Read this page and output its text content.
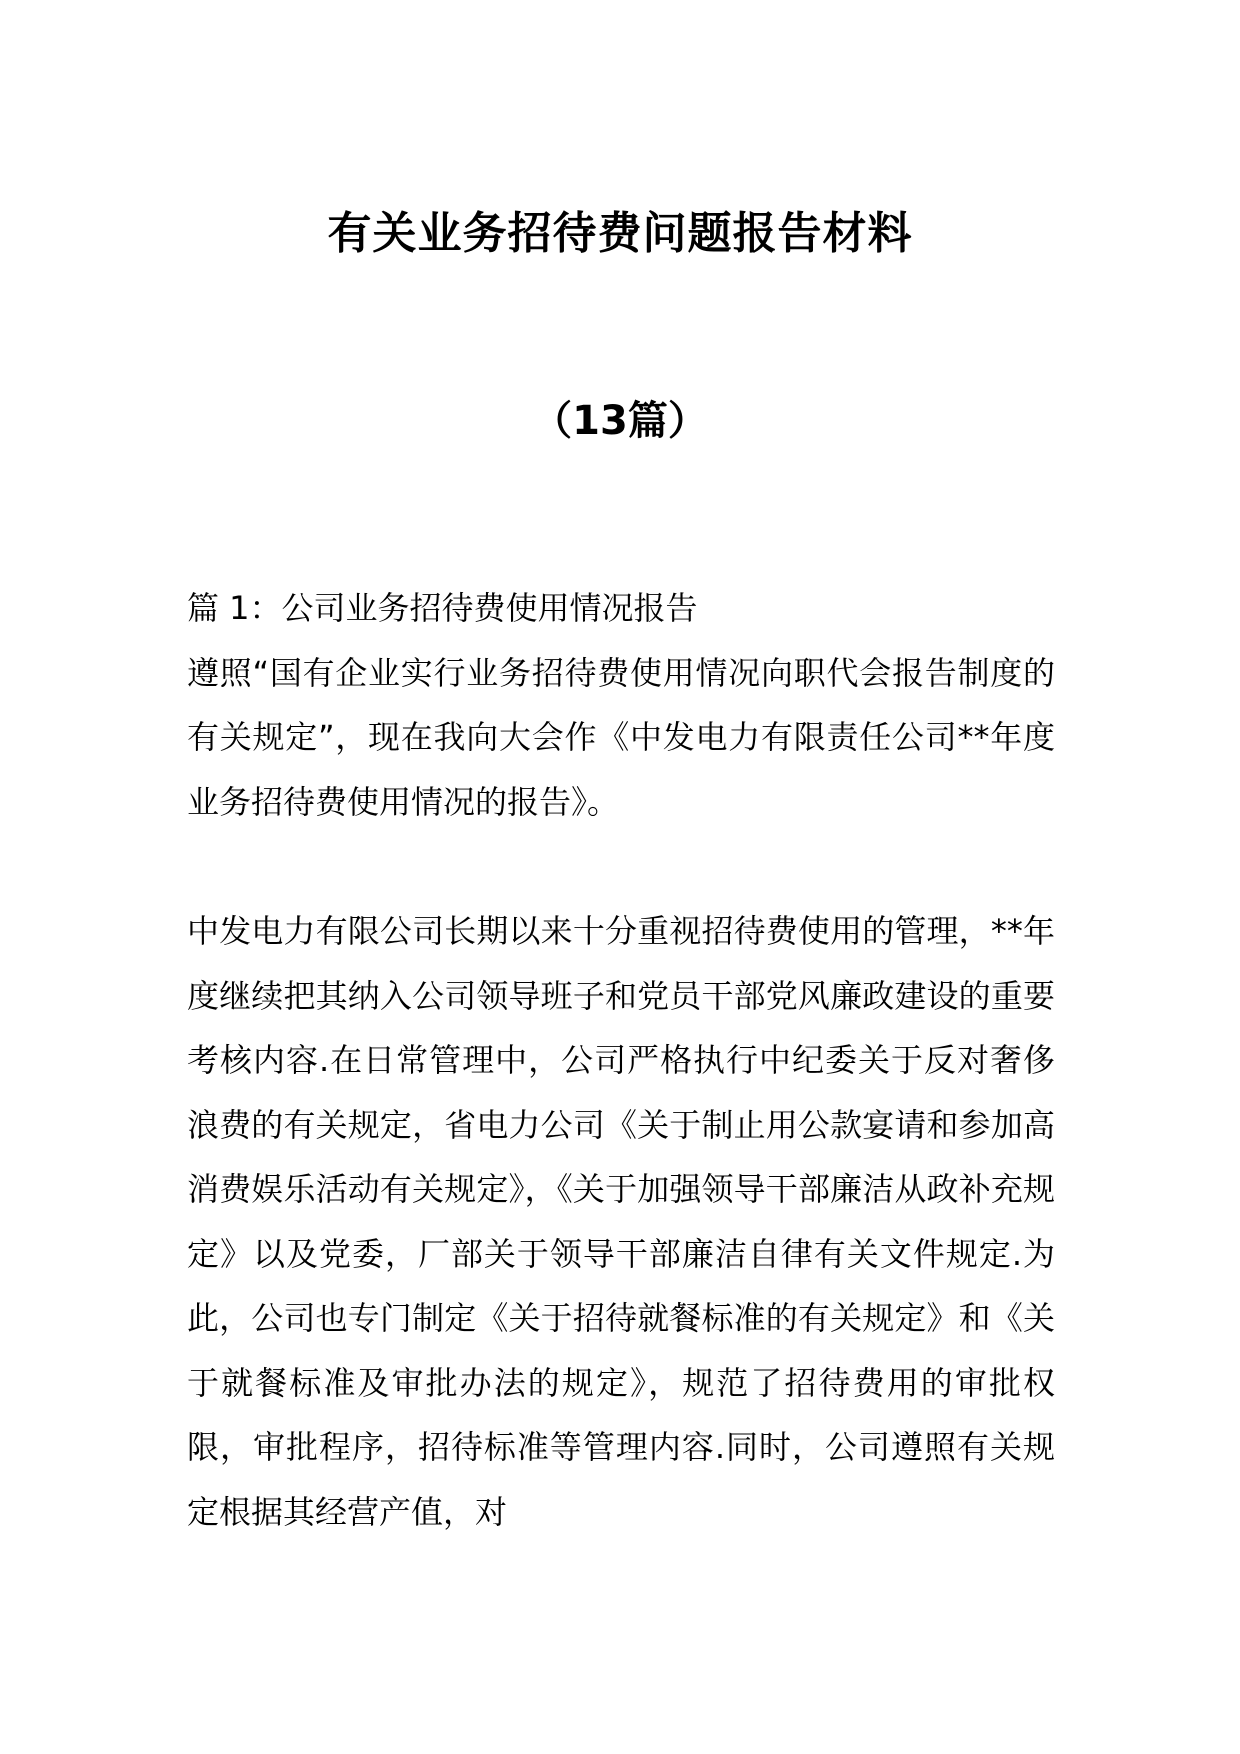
有关业务招待费问题报告材料
（13篇）
篇 1：公司业务招待费使用情况报告

遵照“国有企业实行业务招待费使用情况向职代会报告制度的有关规定”，现在我向大会作《中发电力有限责任公司**年度业务招待费使用情况的报告》。

中发电力有限公司长期以来十分重视招待费使用的管理，**年度继续把其纳入公司领导班子和党员干部党风廉政建设的重要考核内容.在日常管理中，公司严格执行中纪委关于反对奢侈浪费的有关规定，省电力公司《关于制止用公款宴请和参加高消费娱乐活动有关规定》，《关于加强领导干部廉洁从政补充规定》以及党委，厂部关于领导干部廉洁自律有关文件规定.为此，公司也专门制定《关于招待就餐标准的有关规定》和《关于就餐标准及审批办法的规定》，规范了招待费用的审批权限，审批程序，招待标准等管理内容.同时，公司遵照有关规定根据其经营产值，对
